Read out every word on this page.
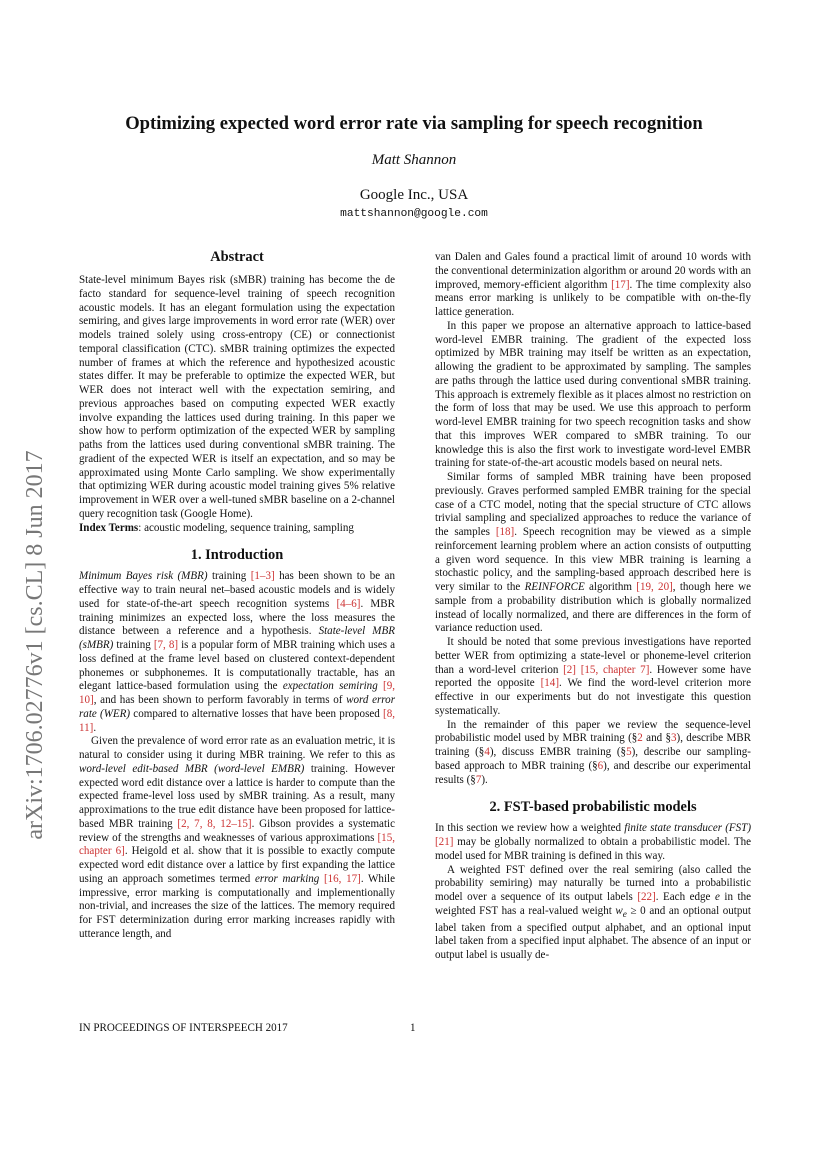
Optimizing expected word error rate via sampling for speech recognition
Matt Shannon
Google Inc., USA
mattshannon@google.com
arXiv:1706.02776v1 [cs.CL] 8 Jun 2017
Abstract

State-level minimum Bayes risk (sMBR) training has become the de facto standard for sequence-level training of speech recognition acoustic models. It has an elegant formulation using the expectation semiring, and gives large improvements in word error rate (WER) over models trained solely using cross-entropy (CE) or connectionist temporal classification (CTC). sMBR training optimizes the expected number of frames at which the reference and hypothesized acoustic states differ. It may be preferable to optimize the expected WER, but WER does not interact well with the expectation semiring, and previous approaches based on computing expected WER exactly involve expanding the lattices used during training. In this paper we show how to perform optimization of the expected WER by sampling paths from the lattices used during conventional sMBR training. The gradient of the expected WER is itself an expectation, and so may be approximated using Monte Carlo sampling. We show experimentally that optimizing WER during acoustic model training gives 5% relative improvement in WER over a well-tuned sMBR baseline on a 2-channel query recognition task (Google Home).

Index Terms: acoustic modeling, sequence training, sampling

1. Introduction

Minimum Bayes risk (MBR) training [1–3] has been shown to be an effective way to train neural net–based acoustic models and is widely used for state-of-the-art speech recognition systems [4–6]. MBR training minimizes an expected loss, where the loss measures the distance between a reference and a hypothesis. State-level MBR (sMBR) training [7, 8] is a popular form of MBR training which uses a loss defined at the frame level based on clustered context-dependent phonemes or subphonemes. It is computationally tractable, has an elegant lattice-based formulation using the expectation semiring [9, 10], and has been shown to perform favorably in terms of word error rate (WER) compared to alternative losses that have been proposed [8, 11].

Given the prevalence of word error rate as an evaluation metric, it is natural to consider using it during MBR training. We refer to this as word-level edit-based MBR (word-level EMBR) training. However expected word edit distance over a lattice is harder to compute than the expected frame-level loss used by sMBR training. As a result, many approximations to the true edit distance have been proposed for lattice-based MBR training [2, 7, 8, 12–15]. Gibson provides a systematic review of the strengths and weaknesses of various approximations [15, chapter 6]. Heigold et al. show that it is possible to exactly compute expected word edit distance over a lattice by first expanding the lattice using an approach sometimes termed error marking [16, 17]. While impressive, error marking is computationally and implementionally non-trivial, and increases the size of the lattices. The memory required for FST determinization during error marking increases rapidly with utterance length, and

van Dalen and Gales found a practical limit of around 10 words with the conventional determinization algorithm or around 20 words with an improved, memory-efficient algorithm [17]. The time complexity also means error marking is unlikely to be compatible with on-the-fly lattice generation.

In this paper we propose an alternative approach to lattice-based word-level EMBR training. The gradient of the expected loss optimized by MBR training may itself be written as an expectation, allowing the gradient to be approximated by sampling. The samples are paths through the lattice used during conventional sMBR training. This approach is extremely flexible as it places almost no restriction on the form of loss that may be used. We use this approach to perform word-level EMBR training for two speech recognition tasks and show that this improves WER compared to sMBR training. To our knowledge this is also the first work to investigate word-level EMBR training for state-of-the-art acoustic models based on neural nets.

Similar forms of sampled MBR training have been proposed previously. Graves performed sampled EMBR training for the special case of a CTC model, noting that the special structure of CTC allows trivial sampling and specialized approaches to reduce the variance of the samples [18]. Speech recognition may be viewed as a simple reinforcement learning problem where an action consists of outputting a given word sequence. In this view MBR training is learning a stochastic policy, and the sampling-based approach described here is very similar to the REINFORCE algorithm [19, 20], though here we sample from a probability distribution which is globally normalized instead of locally normalized, and there are differences in the form of variance reduction used.

It should be noted that some previous investigations have reported better WER from optimizing a state-level or phoneme-level criterion than a word-level criterion [2] [15, chapter 7]. However some have reported the opposite [14]. We find the word-level criterion more effective in our experiments but do not investigate this question systematically.

In the remainder of this paper we review the sequence-level probabilistic model used by MBR training (§2 and §3), describe MBR training (§4), discuss EMBR training (§5), describe our sampling-based approach to MBR training (§6), and describe our experimental results (§7).

2. FST-based probabilistic models

In this section we review how a weighted finite state transducer (FST) [21] may be globally normalized to obtain a probabilistic model. The model used for MBR training is defined in this way.

A weighted FST defined over the real semiring (also called the probability semiring) may naturally be turned into a probabilistic model over a sequence of its output labels [22]. Each edge e in the weighted FST has a real-valued weight $w_e \ge 0$ and an optional output label taken from a specified output alphabet, and an optional input label taken from a specified input alphabet. The absence of an input or output label is usually de-

IN PROCEEDINGS OF INTERSPEECH 2017	1
